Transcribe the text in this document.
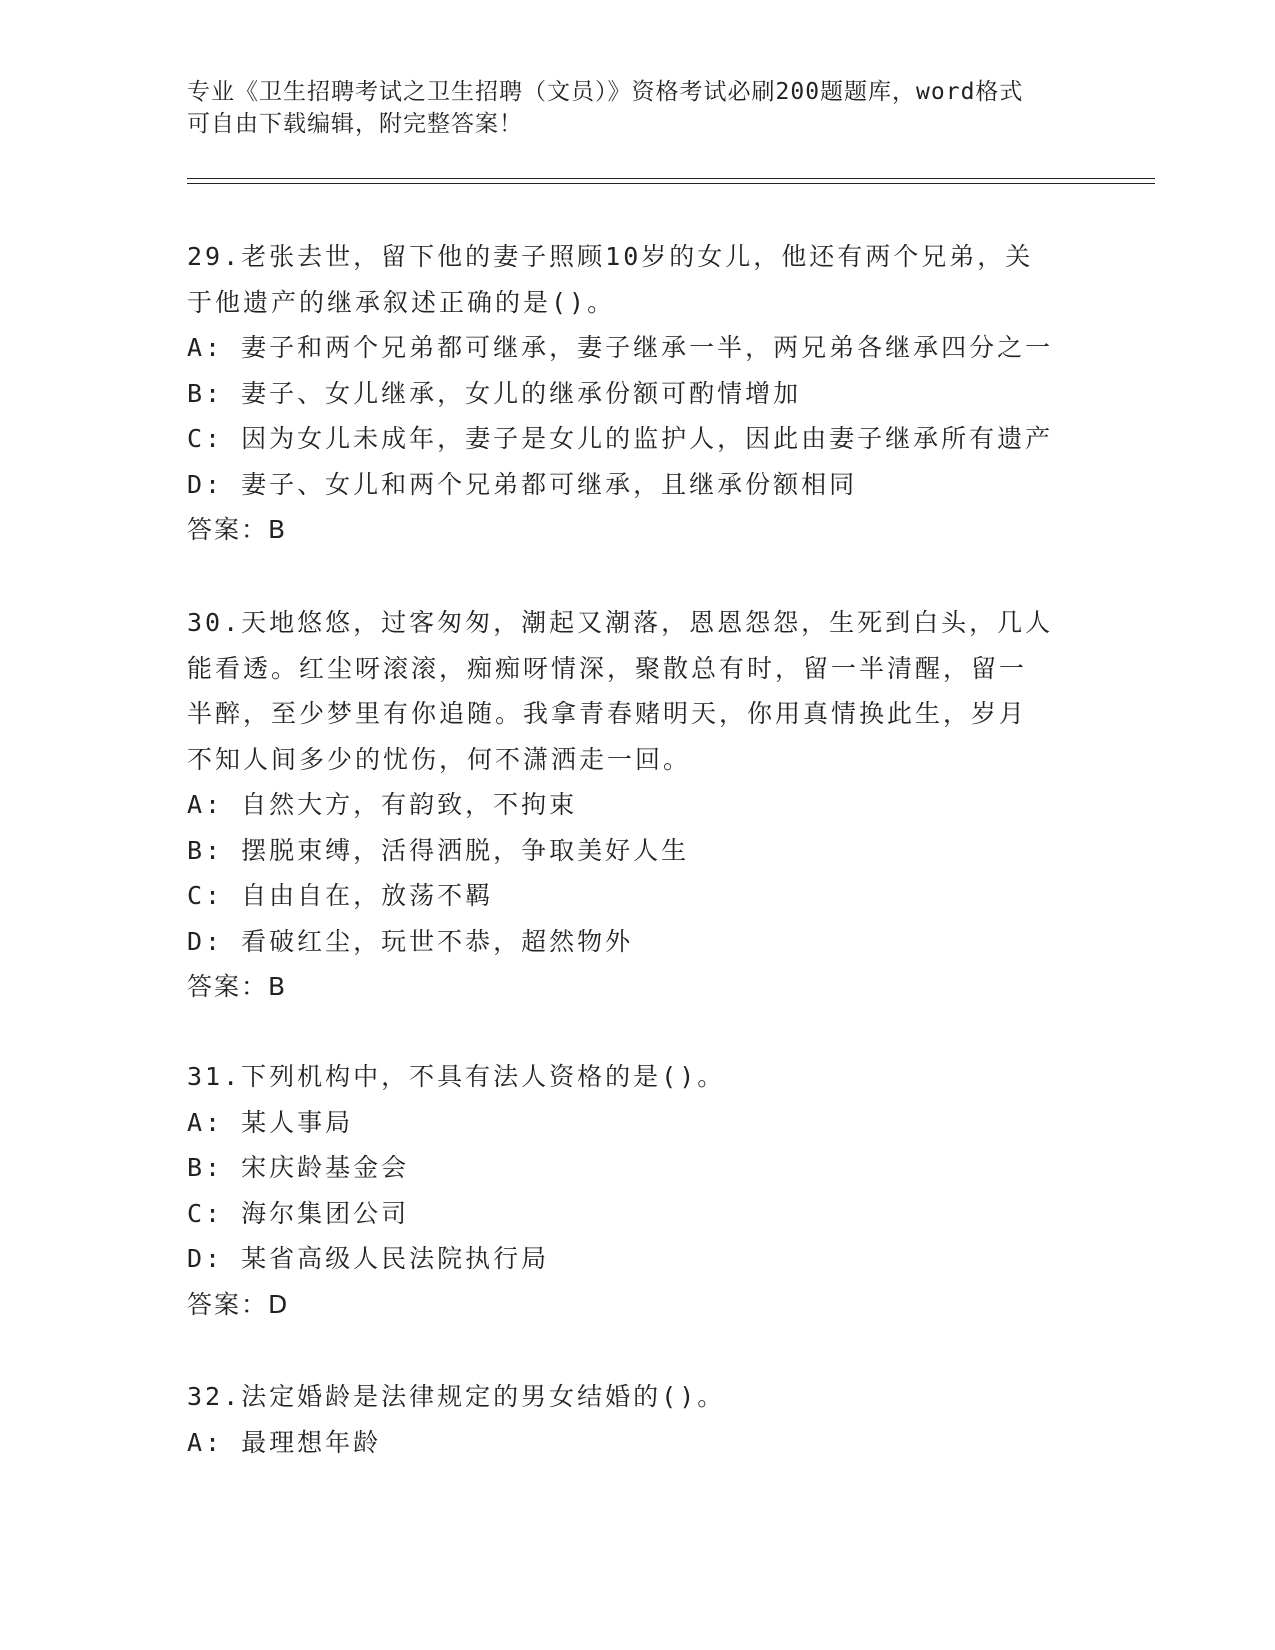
专业《卫生招聘考试之卫生招聘（文员）》资格考试必刷200题题库，word格式
可自由下载编辑，附完整答案！
29.老张去世，留下他的妻子照顾10岁的女儿，他还有两个兄弟，关
于他遗产的继承叙述正确的是()。
A: 妻子和两个兄弟都可继承，妻子继承一半，两兄弟各继承四分之一
B: 妻子、女儿继承，女儿的继承份额可酌情增加
C: 因为女儿未成年，妻子是女儿的监护人，因此由妻子继承所有遗产
D: 妻子、女儿和两个兄弟都可继承，且继承份额相同
答案：B
30.天地悠悠，过客匆匆，潮起又潮落，恩恩怨怨，生死到白头，几人
能看透。红尘呀滚滚，痴痴呀情深，聚散总有时，留一半清醒，留一
半醉，至少梦里有你追随。我拿青春赌明天，你用真情换此生，岁月
不知人间多少的忧伤，何不潇洒走一回。
A: 自然大方，有韵致，不拘束
B: 摆脱束缚，活得洒脱，争取美好人生
C: 自由自在，放荡不羁
D: 看破红尘，玩世不恭，超然物外
答案：B
31.下列机构中，不具有法人资格的是()。
A: 某人事局
B: 宋庆龄基金会
C: 海尔集团公司
D: 某省高级人民法院执行局
答案：D
32.法定婚龄是法律规定的男女结婚的()。
A: 最理想年龄
